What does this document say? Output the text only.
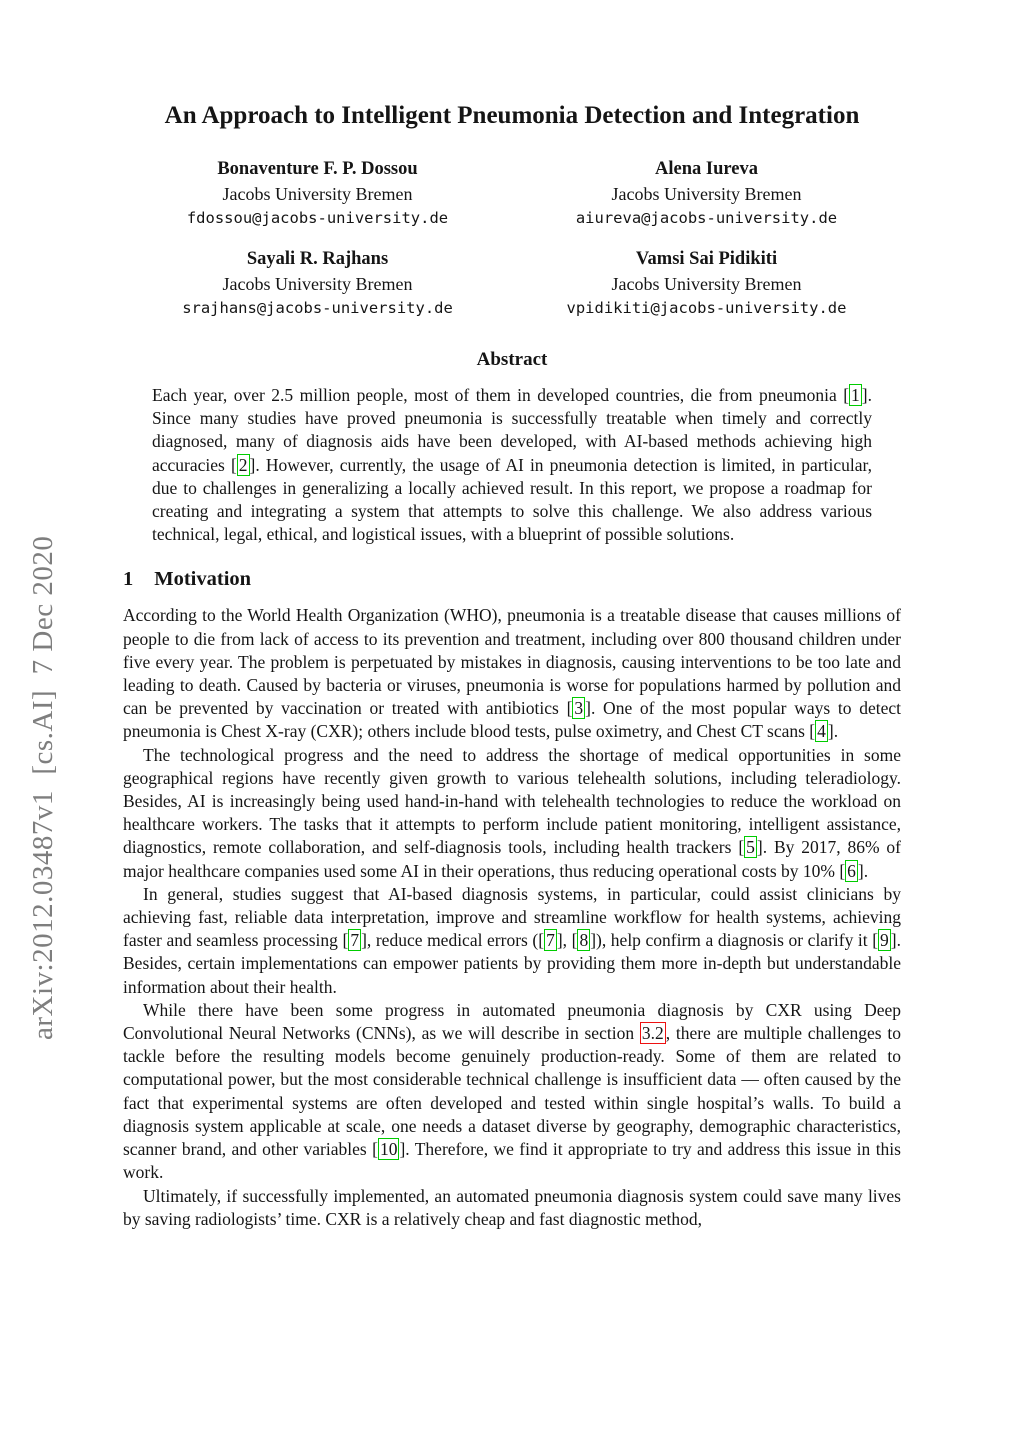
arXiv:2012.03487v1  [cs.AI]  7 Dec 2020
An Approach to Intelligent Pneumonia Detection and Integration
Bonaventure F. P. Dossou
Jacobs University Bremen
fdossou@jacobs-university.de
Alena Iureva
Jacobs University Bremen
aiureva@jacobs-university.de
Sayali R. Rajhans
Jacobs University Bremen
srajhans@jacobs-university.de
Vamsi Sai Pidikiti
Jacobs University Bremen
vpidikiti@jacobs-university.de
Abstract
Each year, over 2.5 million people, most of them in developed countries, die from pneumonia [ 1 ]. Since many studies have proved pneumonia is successfully treatable when timely and correctly diagnosed, many of diagnosis aids have been developed, with AI-based methods achieving high accuracies [ 2 ]. However, currently, the usage of AI in pneumonia detection is limited, in particular, due to challenges in generalizing a locally achieved result. In this report, we propose a roadmap for creating and integrating a system that attempts to solve this challenge. We also address various technical, legal, ethical, and logistical issues, with a blueprint of possible solutions.
1 Motivation

According to the World Health Organization (WHO), pneumonia is a treatable disease that causes millions of people to die from lack of access to its prevention and treatment, including over 800 thousand children under five every year. The problem is perpetuated by mistakes in diagnosis, causing interventions to be too late and leading to death. Caused by bacteria or viruses, pneumonia is worse for populations harmed by pollution and can be prevented by vaccination or treated with antibiotics [ 3 ]. One of the most popular ways to detect pneumonia is Chest X-ray (CXR); others include blood tests, pulse oximetry, and Chest CT scans [ 4 ].

The technological progress and the need to address the shortage of medical opportunities in some geographical regions have recently given growth to various telehealth solutions, including teleradiology. Besides, AI is increasingly being used hand-in-hand with telehealth technologies to reduce the workload on healthcare workers. The tasks that it attempts to perform include patient monitoring, intelligent assistance, diagnostics, remote collaboration, and self-diagnosis tools, including health trackers [ 5 ]. By 2017, 86% of major healthcare companies used some AI in their operations, thus reducing operational costs by 10% [ 6 ].

In general, studies suggest that AI-based diagnosis systems, in particular, could assist clinicians by achieving fast, reliable data interpretation, improve and streamline workflow for health systems, achieving faster and seamless processing [ 7 ], reduce medical errors ([ 7 ], [ 8 ]), help confirm a diagnosis or clarify it [ 9 ]. Besides, certain implementations can empower patients by providing them more in-depth but understandable information about their health.

While there have been some progress in automated pneumonia diagnosis by CXR using Deep Convolutional Neural Networks (CNNs), as we will describe in section 3.2 , there are multiple challenges to tackle before the resulting models become genuinely production-ready. Some of them are related to computational power, but the most considerable technical challenge is insufficient data — often caused by the fact that experimental systems are often developed and tested within single hospital’s walls. To build a diagnosis system applicable at scale, one needs a dataset diverse by geography, demographic characteristics, scanner brand, and other variables [ 10 ]. Therefore, we find it appropriate to try and address this issue in this work.

Ultimately, if successfully implemented, an automated pneumonia diagnosis system could save many lives by saving radiologists’ time. CXR is a relatively cheap and fast diagnostic method,
